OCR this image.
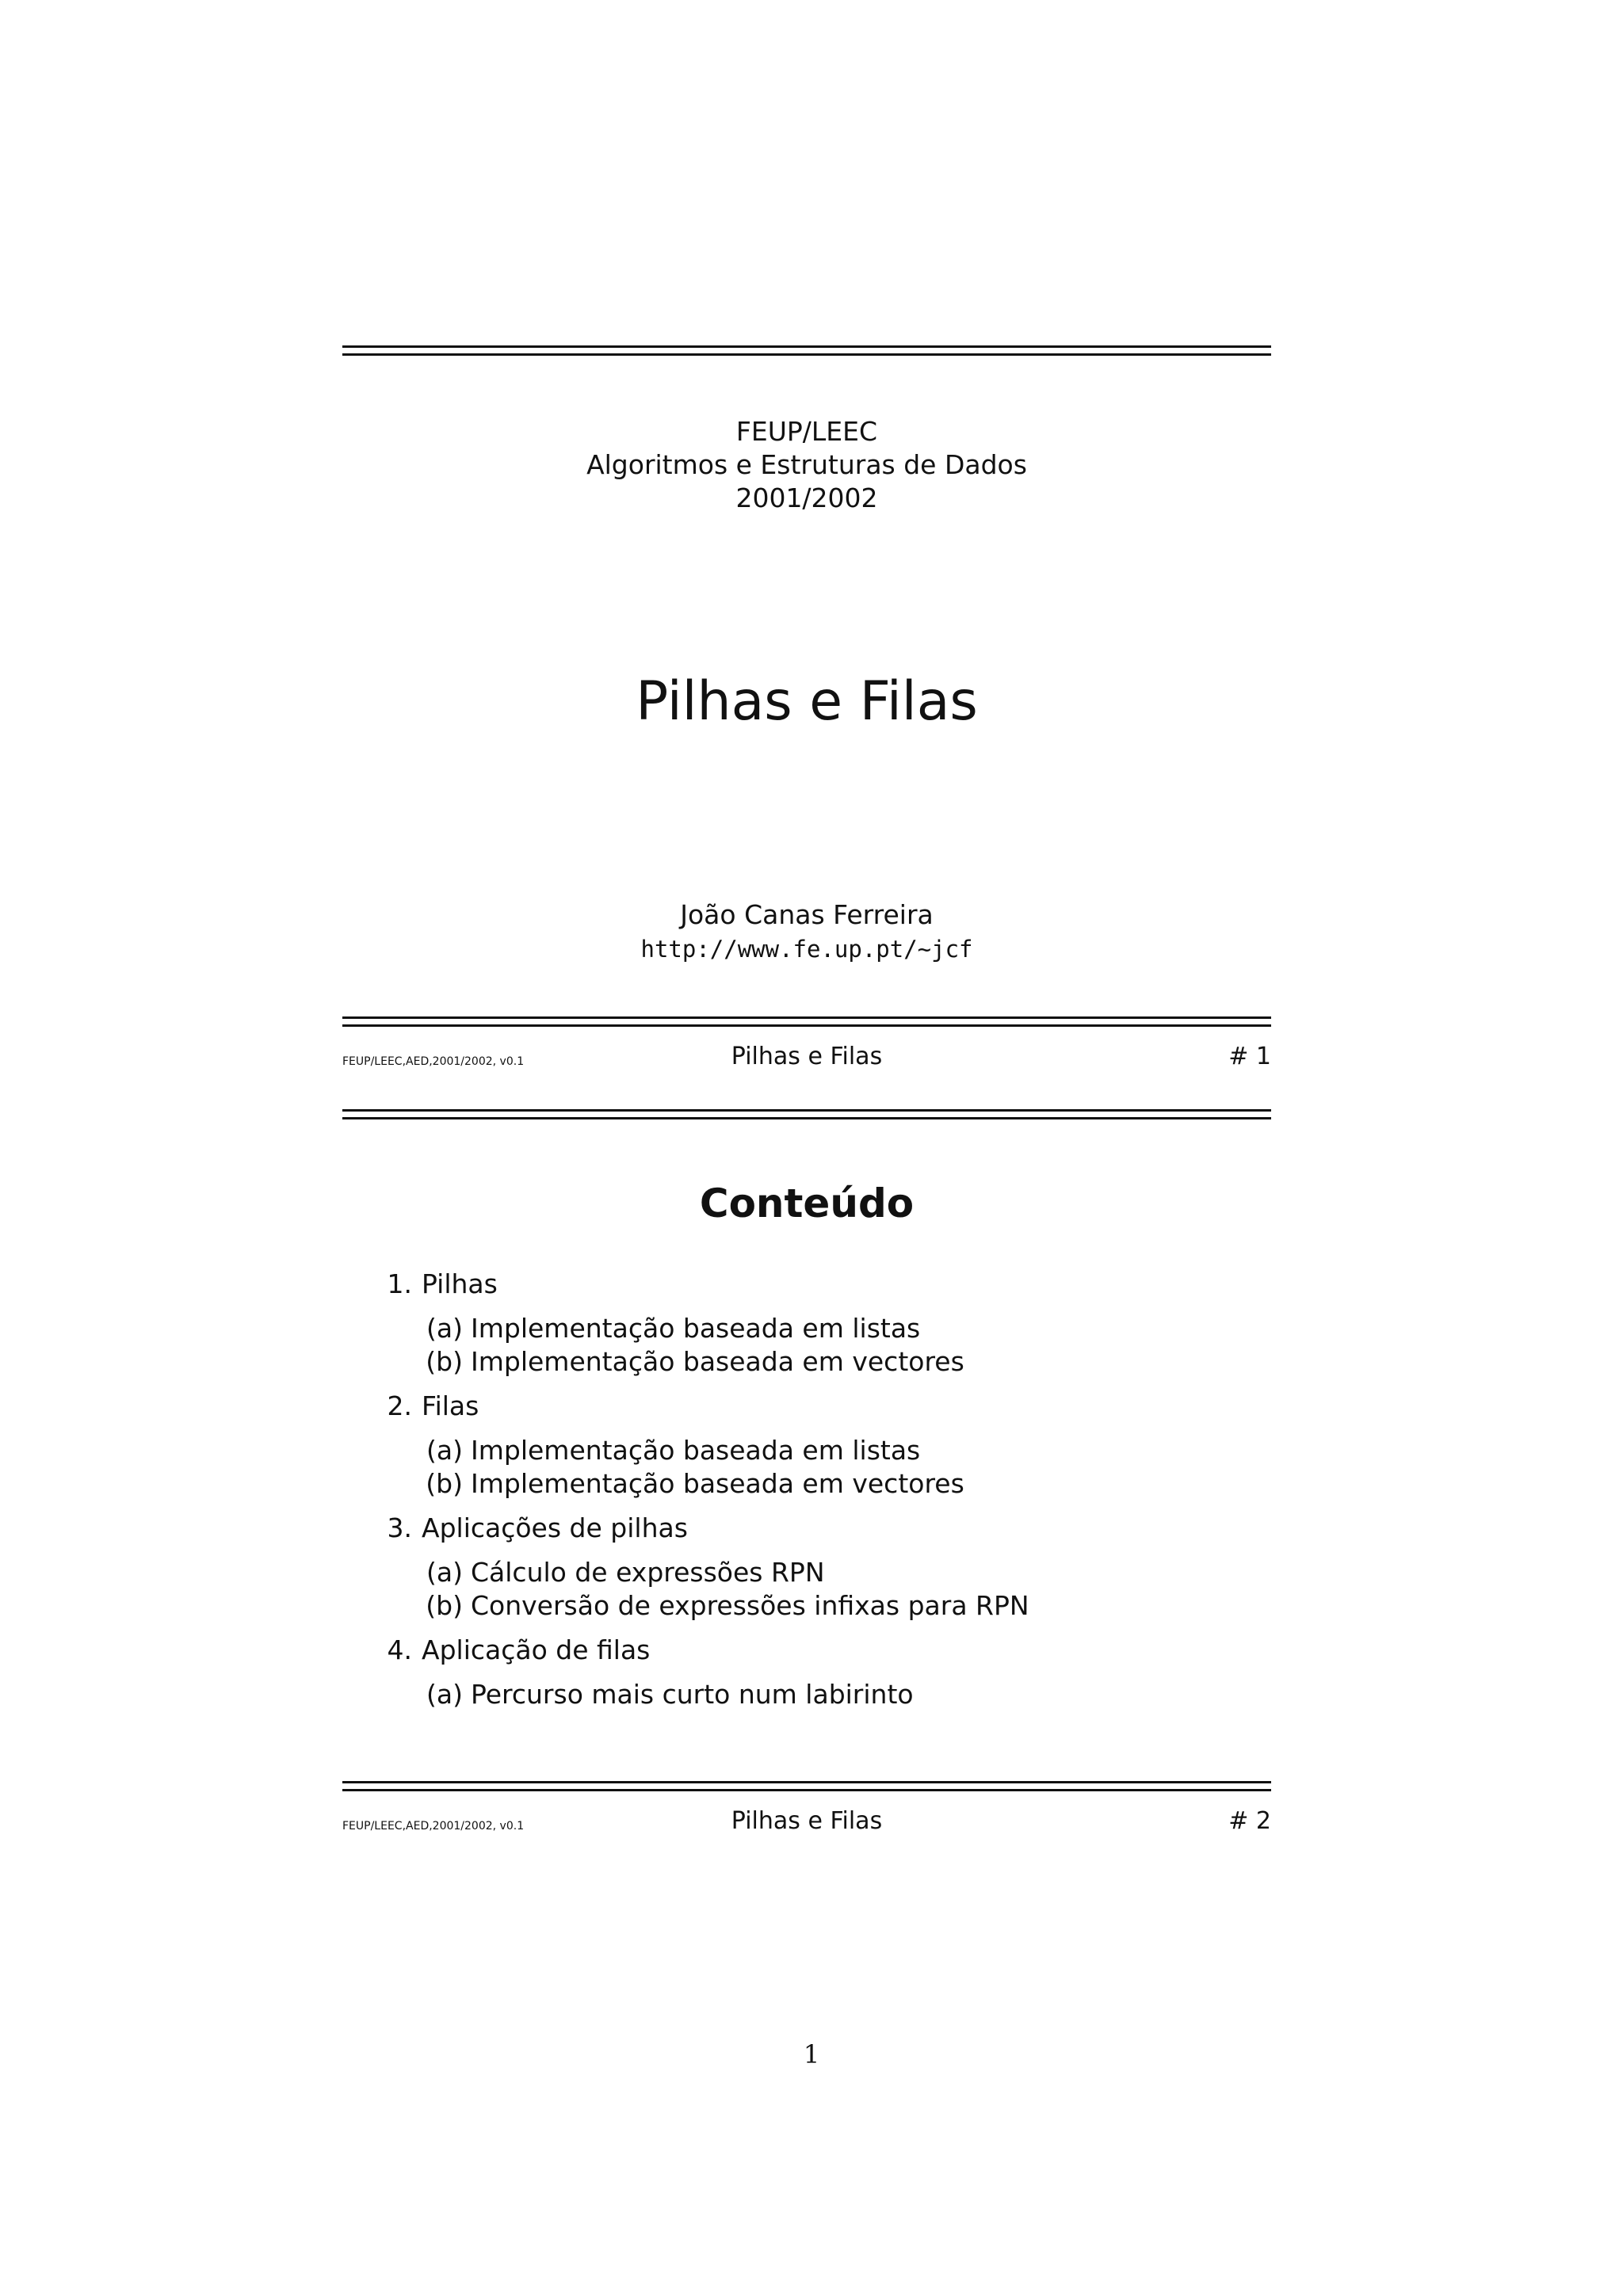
FEUP/LEEC
Algoritmos e Estruturas de Dados
2001/2002
Pilhas e Filas
João Canas Ferreira
http://www.fe.up.pt/~jcf
FEUP/LEEC,AED,2001/2002, v0.1	Pilhas e Filas	# 1
Conteúdo
1. Pilhas
(a) Implementação baseada em listas
(b) Implementação baseada em vectores
2. Filas
(a) Implementação baseada em listas
(b) Implementação baseada em vectores
3. Aplicações de pilhas
(a) Cálculo de expressões RPN
(b) Conversão de expressões infixas para RPN
4. Aplicação de filas
(a) Percurso mais curto num labirinto
FEUP/LEEC,AED,2001/2002, v0.1	Pilhas e Filas	# 2
1
